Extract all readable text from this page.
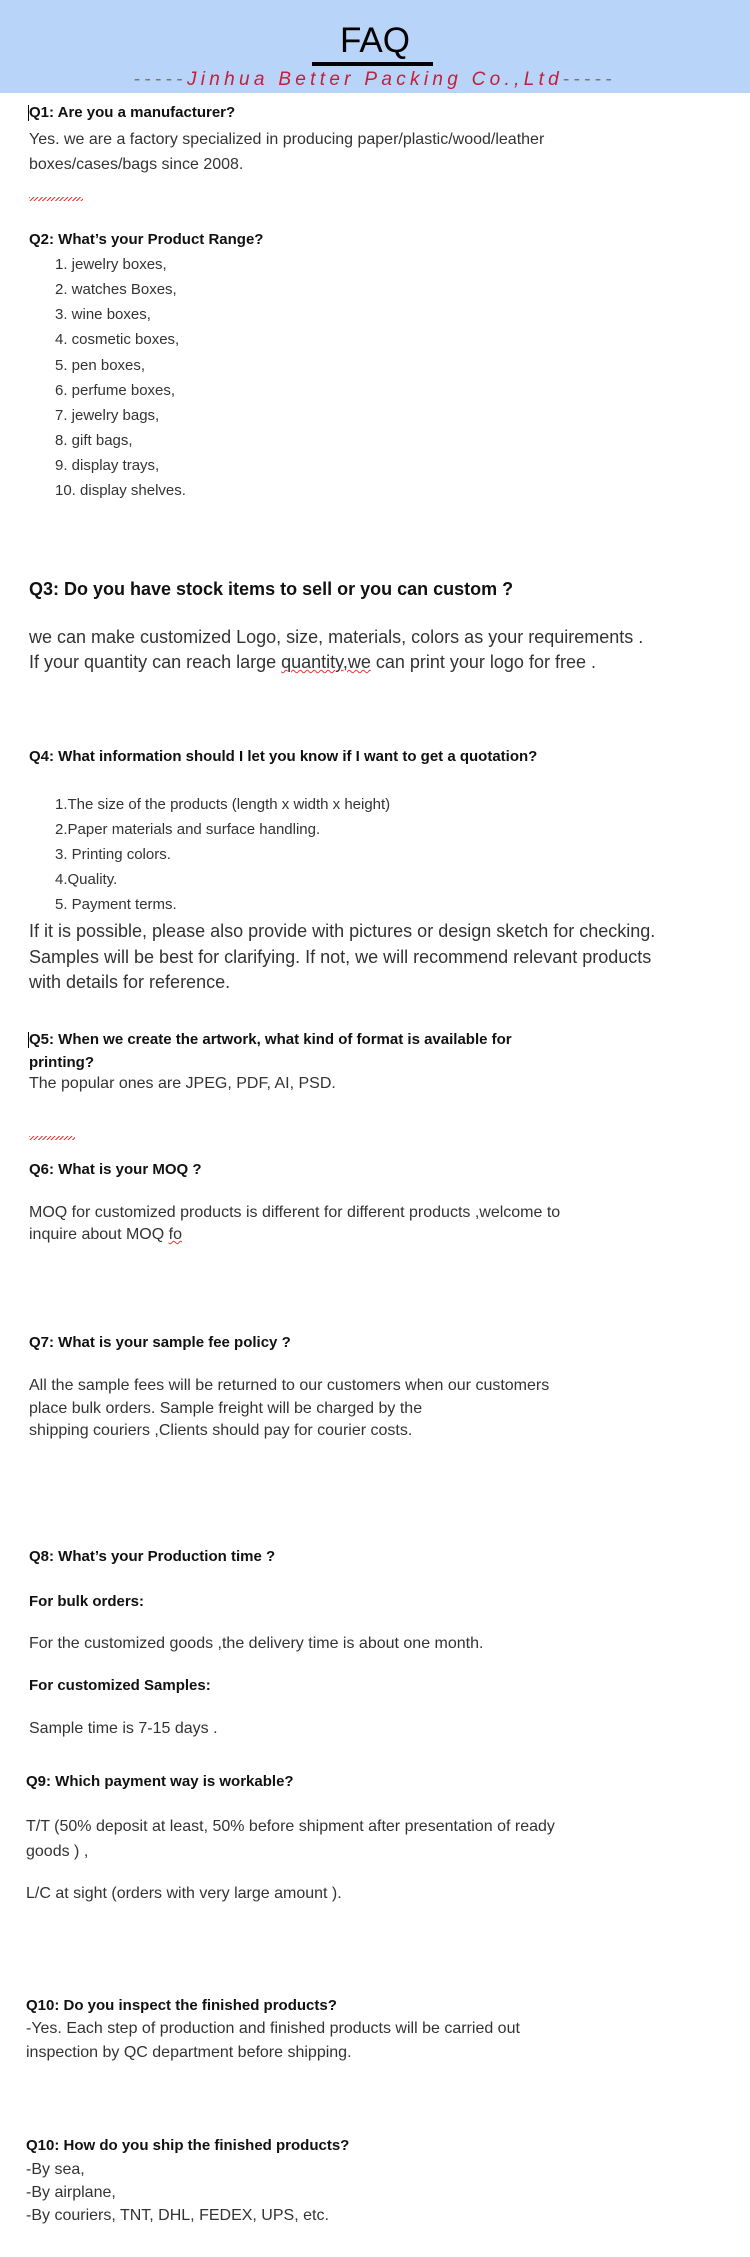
FAQ
-----Jinhua Better Packing Co.,Ltd-----
Q1: Are you a manufacturer?
Yes. we are a factory specialized in producing paper/plastic/wood/leather
boxes/cases/bags since 2008.
Q2: What’s your Product Range?
1. jewelry boxes,
2. watches Boxes,
3. wine boxes,
4. cosmetic boxes,
5. pen boxes,
6. perfume boxes,
7. jewelry bags,
8. gift bags,
9. display trays,
10. display shelves.
Q3: Do you have stock items to sell or you can custom ?
we can make customized Logo, size, materials, colors as your requirements .
If your quantity can reach large quantity,we can print your logo for free .
Q4: What information should I let you know if I want to get a quotation?
1.The size of the products (length x width x height)
2.Paper materials and surface handling.
3. Printing colors.
4.Quality.
5. Payment terms.
If it is possible, please also provide with pictures or design sketch for checking.
Samples will be best for clarifying. If not, we will recommend relevant products
with details for reference.
Q5: When we create the artwork, what kind of format is available for
printing?
The popular ones are JPEG, PDF, AI, PSD.
Q6: What is your MOQ ?
MOQ for customized products is different for different products ,welcome to
inquire about MOQ fo
Q7: What is your sample fee policy ?
All the sample fees will be returned to our customers when our customers
place bulk orders. Sample freight will be charged by the
shipping couriers ,Clients should pay for courier costs.
Q8: What’s your Production time ?
For bulk orders:
For the customized goods ,the delivery time is about one month.
For customized Samples:
Sample time is 7-15 days .
Q9: Which payment way is workable?
T/T (50% deposit at least, 50% before shipment after presentation of ready
goods ) ,
L/C at sight (orders with very large amount ).
Q10: Do you inspect the finished products?
-Yes. Each step of production and finished products will be carried out
inspection by QC department before shipping.
Q10: How do you ship the finished products?
-By sea,
-By airplane,
-By couriers, TNT, DHL, FEDEX, UPS, etc.
